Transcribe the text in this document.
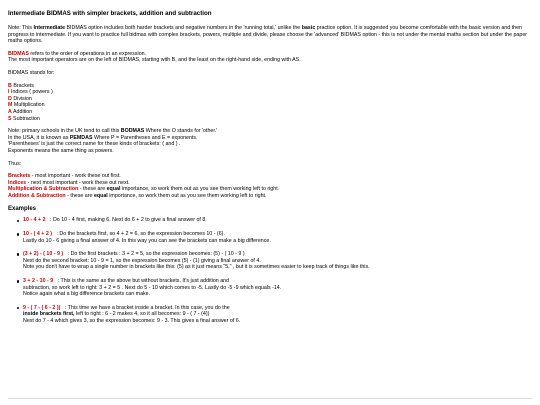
Intermediate BIDMAS with simpler brackets, addition and subtraction

Note: This Intermediate BIDMAS option includes both harder brackets and negative numbers in the 'running total,' unlike the basic practice option. It is suggested you become comfortable with the basic version and then progress to intermediate. If you want to practice full bidmas with complex brackets, powers, multiple and divide, please choose the 'advanced' BIDMAS option - this is not under the mental maths section but under the paper maths options.

BIDMAS refers to the order of operations in an expression.
The most important operators are on the left of BIDMAS, starting with B, and the least on the right-hand side, ending with AS.

BIDMAS stands for:

B Brackets
I Indices ( powers )
D Division
M Multiplication
A Addition
S Subtraction

Note: primary schools in the UK tend to call this BODMAS Where the O stands for 'other.'
In the USA, it is known as PEMDAS Where P = Parentheses and E = exponents.
'Parentheses' is just the correct name for these kinds of brackets: ( and ) .
Exponents means the same thing as powers.

Thus:

Brackets - most important - work these out first.
Indices - next most important - work these out next.
Multiplication & Subtraction - these are equal importance, so work them out as you see them working left to right.
Addition & Subtraction - these are equal importance, so work them out as you see them working left to right.

Examples
10 - 4 + 2 : Do 10 - 4 first, making 6. Next do 6 + 2 to give a final answer of 8.
10 - ( 4 + 2 ) : Do the brackets first, so 4 + 2 = 6, so the expression becomes 10 - (6).
Lastly do 10 - 6 giving a final answer of 4. In this way you can see the brackets can make a big difference.
(3 + 2) - ( 10 - 9 ) : Do the first brackets : 3 + 2 = 5, so the expression becomes: (5) - ( 10 - 9 )
Next do the second bracket: 10 - 9 = 1, so the expression becomes (5) - (1) giving a final answer of 4.
Note you don't have to wrap a single number in brackets like this: (5) as it just means "5," , but it is sometimes easier to keep track of things like this.
3 + 2 - 10 - 9 : This is the same as the above but without brackets. It's just addition and
subtraction, so work left to right: 3 + 2 = 5 . Next do 5 - 10 which comes to -5. Lastly do -5 -9 which equals -14.
Notice again what a big difference brackets can make.
9 - ( 7 - ( 6 - 2 )) : This time we have a bracket inside a bracket. In this case, you do the
inside brackets first, left to right : 6 - 2 makes 4, so it all becomes: 9 - ( 7 - (4))
Next do 7 - 4 which gives 3, so the expression becomes: 9 - 3. This gives a final answer of 6.
